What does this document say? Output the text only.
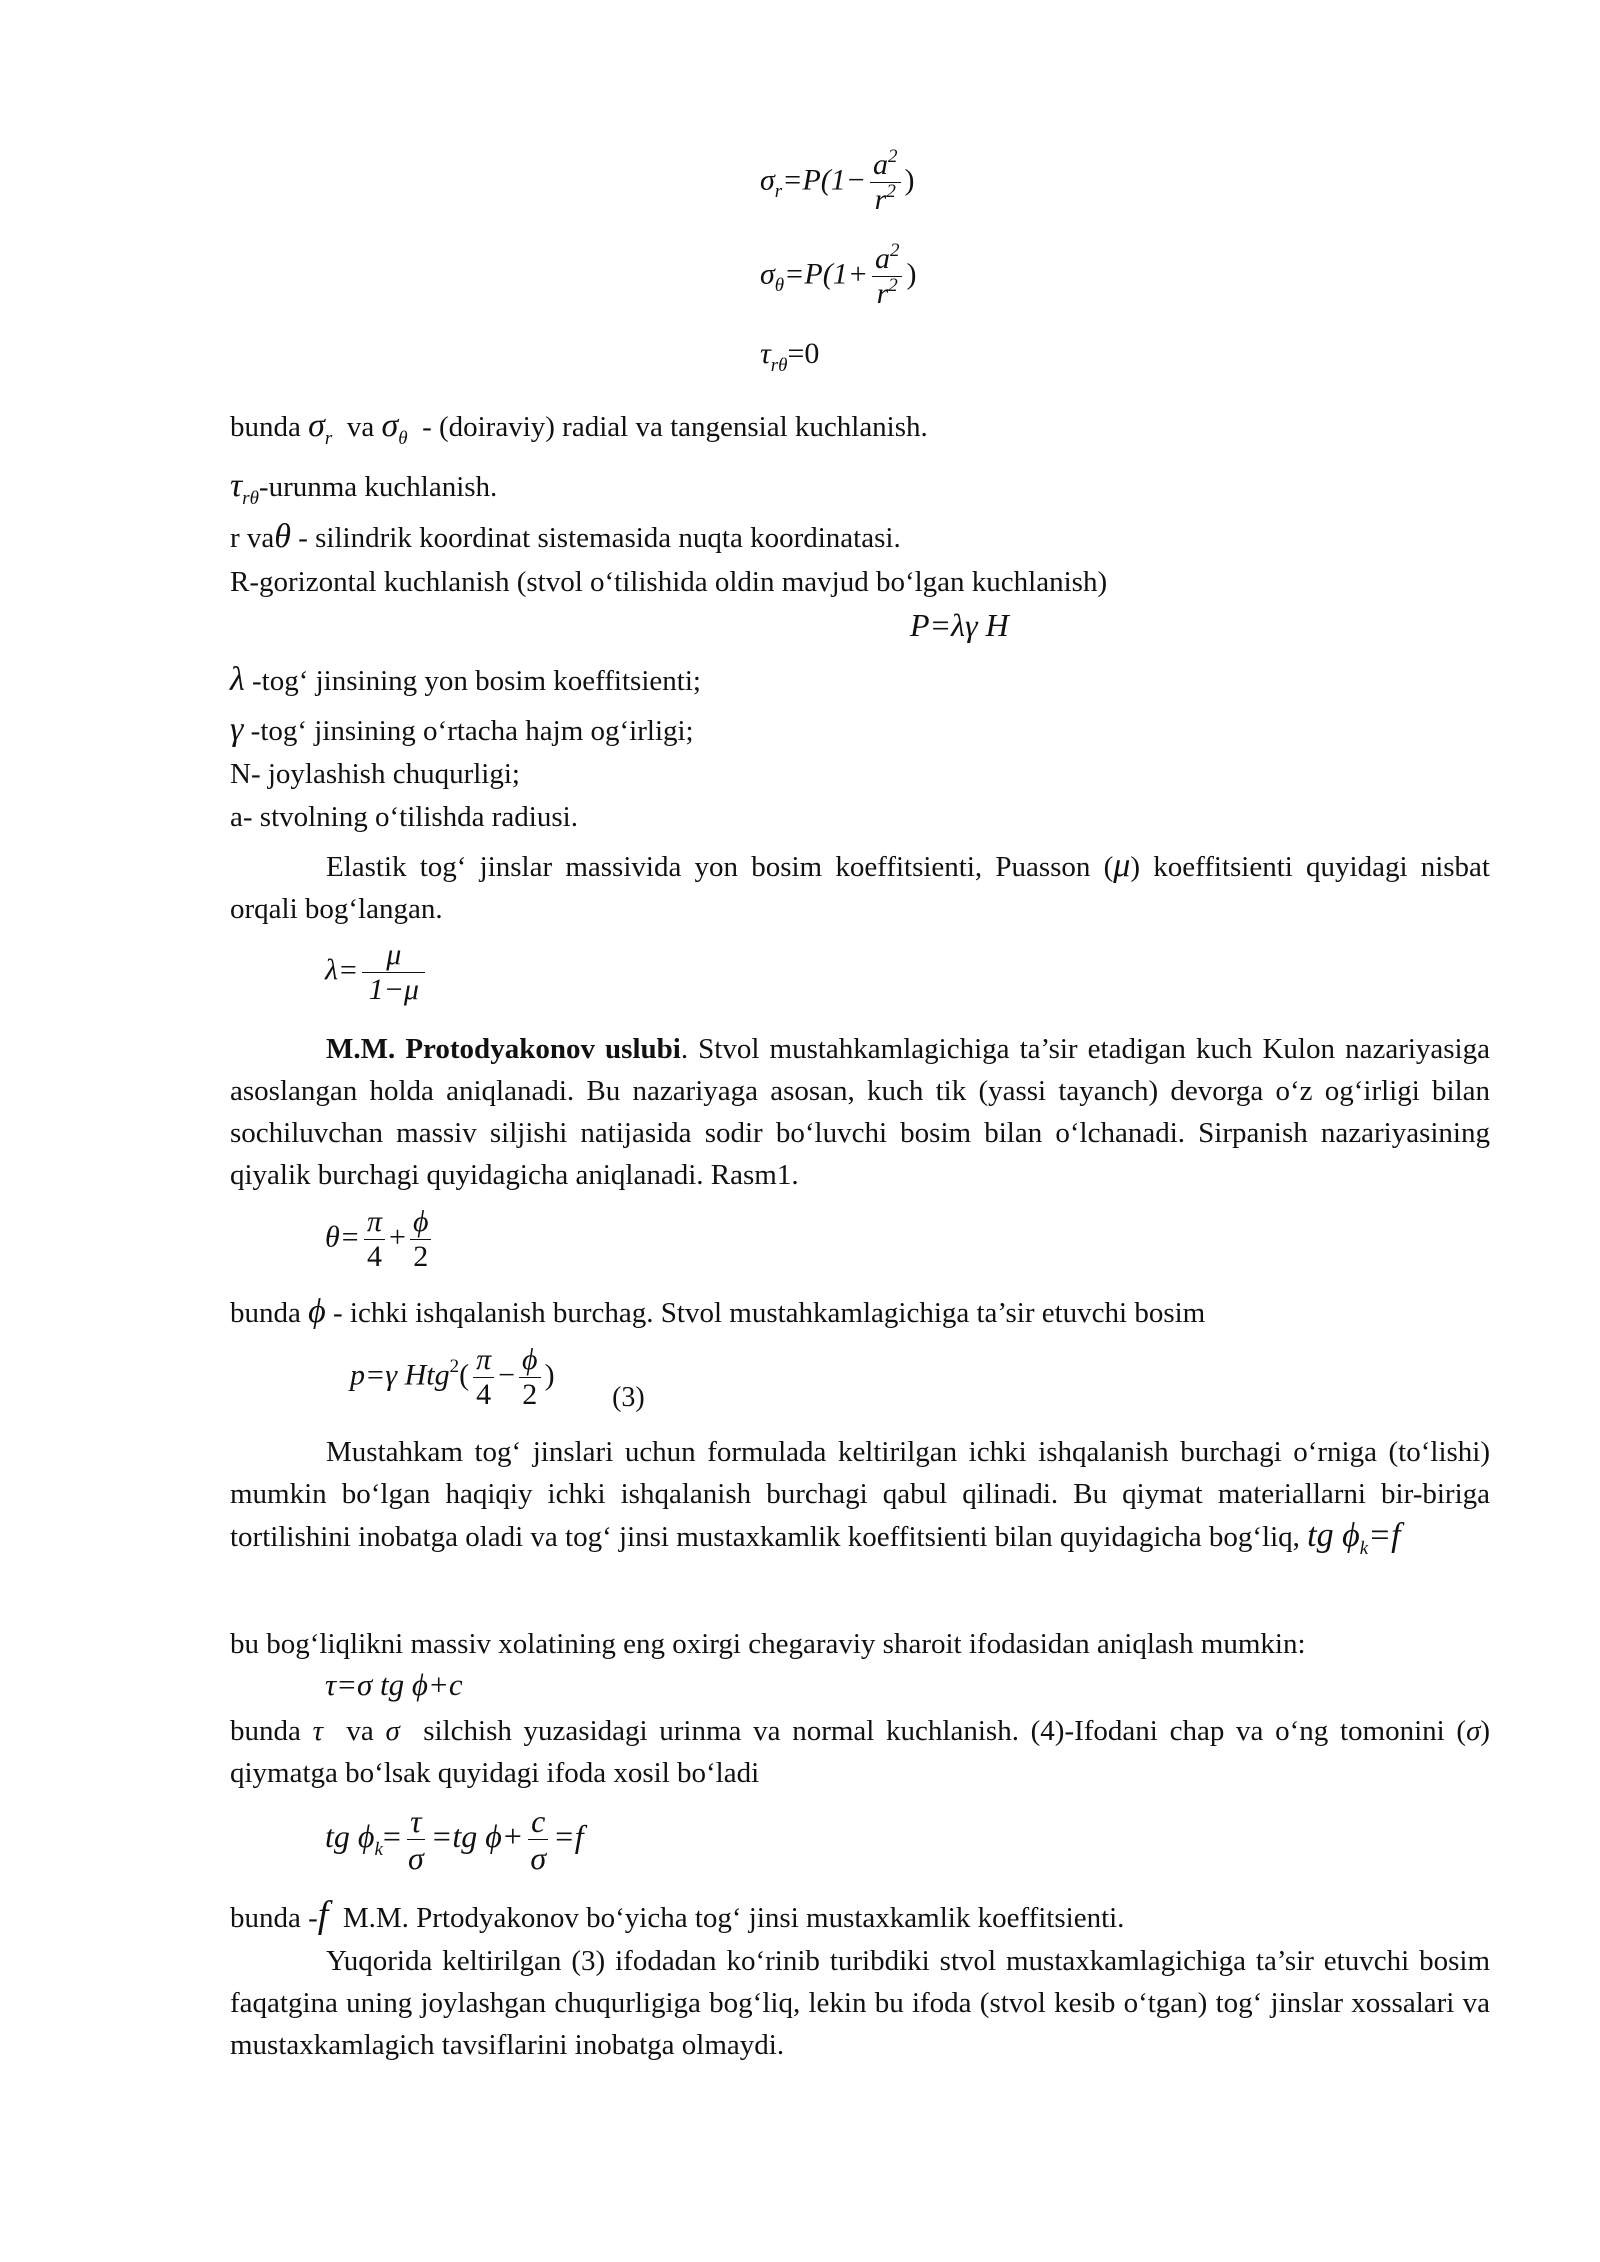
$\sigma_r=P(1- \frac{a^2}{r^2}$ )
$\sigma_\theta=P(1+ \frac{a^2}{r^2}$ )
$\tau_{r\theta}=0$
bunda $\sigma_r$ va $\sigma_\theta$ - (doiraviy) radial va tangensial kuchlanish.
$\tau_{r\theta}$-urunma kuchlanish.
r vaθ - silindrik koordinat sistemasida nuqta koordinatasi.
R-gorizontal kuchlanish (stvol o‘tilishida oldin mavjud bo‘lgan kuchlanish)
P=λγ H
λ -tog‘ jinsining yon bosim koeffitsienti;
γ -tog‘ jinsining o‘rtacha hajm og‘irligi;
N- joylashish chuqurligi;
a- stvolning o‘tilishda radiusi.
Elastik tog‘ jinslar massivida yon bosim koeffitsienti, Puasson (μ) koeffitsienti quyidagi nisbat orqali bog‘langan.
$\lambda= \frac{\mu}{1-\mu}$
M.M. Protodyakonov uslubi. Stvol mustahkamlagichiga ta’sir etadigan kuch Kulon nazariyasiga asoslangan holda aniqlanadi. Bu nazariyaga asosan, kuch tik (yassi tayanch) devorga o‘z og‘irligi bilan sochiluvchan massiv siljishi natijasida sodir bo‘luvchi bosim bilan o‘lchanadi. Sirpanish nazariyasining qiyalik burchagi quyidagicha aniqlanadi. Rasm1.
$\theta= \frac{\pi}{4} + \frac{\phi}{2}$
bunda ϕ - ichki ishqalanish burchag. Stvol mustahkamlagichiga ta’sir etuvchi bosim
p=γ $Htg^2( \frac{\pi}{4} - \frac{\phi}{2}$ ) (3)
Mustahkam tog‘ jinslari uchun formulada keltirilgan ichki ishqalanish burchagi o‘rniga (to‘lishi) mumkin bo‘lgan haqiqiy ichki ishqalanish burchagi qabul qilinadi. Bu qiymat materiallarni bir-biriga tortilishini inobatga oladi va tog‘ jinsi mustaxkamlik koeffitsienti bilan quyidagicha bog‘liq, tg $\phi_k=f$
bu bog‘liqlikni massiv xolatining eng oxirgi chegaraviy sharoit ifodasidan aniqlash mumkin:
τ=σ tg ϕ+c
bunda τ va σ silchish yuzasidagi urinma va normal kuchlanish. (4)-Ifodani chap va o‘ng tomonini (σ) qiymatga bo‘lsak quyidagi ifoda xosil bo‘ladi
tg $\phi_k= \frac{\tau}{\sigma} =tg$ $\phi+ \frac{c}{\sigma} =f$
bunda -f M.M. Prtodyakonov bo‘yicha tog‘ jinsi mustaxkamlik koeffitsienti.
Yuqorida keltirilgan (3) ifodadan ko‘rinib turibdiki stvol mustaxkamlagichiga ta’sir etuvchi bosim faqatgina uning joylashgan chuqurligiga bog‘liq, lekin bu ifoda (stvol kesib o‘tgan) tog‘ jinslar xossalari va mustaxkamlagich tavsiflarini inobatga olmaydi.
